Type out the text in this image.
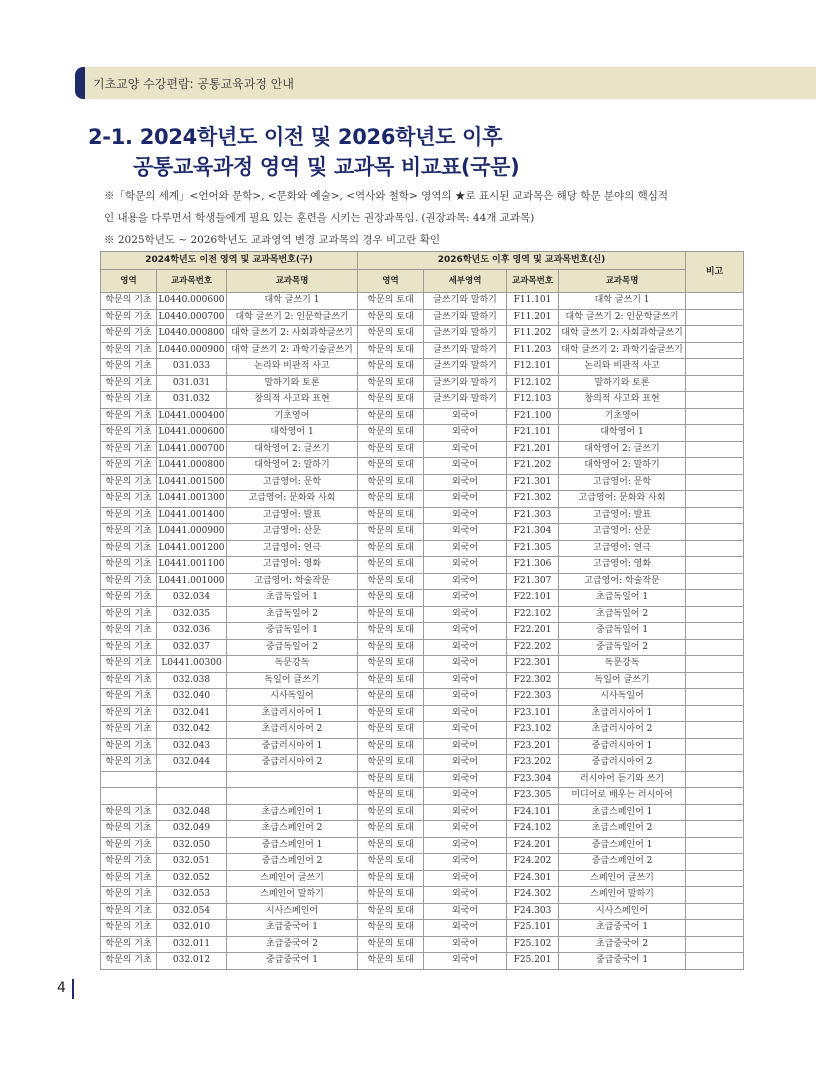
기초교양 수강편람: 공통교육과정 안내
2-1. 2024학년도 이전 및 2026학년도 이후
공통교육과정 영역 및 교과목 비교표(국문)

※「학문의 세계」<언어와 문학>, <문화와 예술>, <역사와 철학> 영역의 ★로 표시된 교과목은 해당 학문 분야의 핵심적

인 내용을 다루면서 학생들에게 필요 있는 훈련을 시키는 권장과목임. (권장과목: 44개 교과목)

※ 2025학년도 ~ 2026학년도 교과영역 변경 교과목의 경우 비고란 확인

2024학년도 이전 영역 및 교과목번호(구)			2026학년도 이후 영역 및 교과목번호(신)				비고
영역	교과목번호	교과목명	영역	세부영역	교과목번호	교과목명	
학문의 기초	L0440.000600	대학 글쓰기 1	학문의 토대	글쓰기와 말하기	F11.101	대학 글쓰기 1	
학문의 기초	L0440.000700	대학 글쓰기 2: 인문학글쓰기	학문의 토대	글쓰기와 말하기	F11.201	대학 글쓰기 2: 인문학글쓰기	
학문의 기초	L0440.000800	대학 글쓰기 2: 사회과학글쓰기	학문의 토대	글쓰기와 말하기	F11.202	대학 글쓰기 2: 사회과학글쓰기	
학문의 기초	L0440.000900	대학 글쓰기 2: 과학기술글쓰기	학문의 토대	글쓰기와 말하기	F11.203	대학 글쓰기 2: 과학기술글쓰기	
학문의 기초	031.033	논리와 비판적 사고	학문의 토대	글쓰기와 말하기	F12.101	논리와 비판적 사고	
학문의 기초	031.031	말하기와 토론	학문의 토대	글쓰기와 말하기	F12.102	말하기와 토론	
학문의 기초	031.032	창의적 사고와 표현	학문의 토대	글쓰기와 말하기	F12.103	창의적 사고와 표현	
학문의 기초	L0441.000400	기초영어	학문의 토대	외국어	F21.100	기초영어	
학문의 기초	L0441.000600	대학영어 1	학문의 토대	외국어	F21.101	대학영어 1	
학문의 기초	L0441.000700	대학영어 2: 글쓰기	학문의 토대	외국어	F21.201	대학영어 2: 글쓰기	
학문의 기초	L0441.000800	대학영어 2: 말하기	학문의 토대	외국어	F21.202	대학영어 2: 말하기	
학문의 기초	L0441.001500	고급영어: 문학	학문의 토대	외국어	F21.301	고급영어: 문학	
학문의 기초	L0441.001300	고급영어: 문화와 사회	학문의 토대	외국어	F21.302	고급영어: 문화와 사회	
학문의 기초	L0441.001400	고급영어: 발표	학문의 토대	외국어	F21.303	고급영어: 발표	
학문의 기초	L0441.000900	고급영어: 산문	학문의 토대	외국어	F21.304	고급영어: 산문	
학문의 기초	L0441.001200	고급영어: 연극	학문의 토대	외국어	F21.305	고급영어: 연극	
학문의 기초	L0441.001100	고급영어: 영화	학문의 토대	외국어	F21.306	고급영어: 영화	
학문의 기초	L0441.001000	고급영어: 학술작문	학문의 토대	외국어	F21.307	고급영어: 학술작문	
학문의 기초	032.034	초급독일어 1	학문의 토대	외국어	F22.101	초급독일어 1	
학문의 기초	032.035	초급독일어 2	학문의 토대	외국어	F22.102	초급독일어 2	
학문의 기초	032.036	중급독일어 1	학문의 토대	외국어	F22.201	중급독일어 1	
학문의 기초	032.037	중급독일어 2	학문의 토대	외국어	F22.202	중급독일어 2	
학문의 기초	L0441.00300	독문강독	학문의 토대	외국어	F22.301	독문강독	
학문의 기초	032.038	독일어 글쓰기	학문의 토대	외국어	F22.302	독일어 글쓰기	
학문의 기초	032.040	시사독일어	학문의 토대	외국어	F22.303	시사독일어	
학문의 기초	032.041	초급러시아어 1	학문의 토대	외국어	F23.101	초급러시아어 1	
학문의 기초	032.042	초급러시아어 2	학문의 토대	외국어	F23.102	초급러시아어 2	
학문의 기초	032.043	중급러시아어 1	학문의 토대	외국어	F23.201	중급러시아어 1	
학문의 기초	032.044	중급러시아어 2	학문의 토대	외국어	F23.202	중급러시아어 2	
			학문의 토대	외국어	F23.304	러시아어 듣기와 쓰기	
			학문의 토대	외국어	F23.305	미디어로 배우는 러시아어	
학문의 기초	032.048	초급스페인어 1	학문의 토대	외국어	F24.101	초급스페인어 1	
학문의 기초	032.049	초급스페인어 2	학문의 토대	외국어	F24.102	초급스페인어 2	
학문의 기초	032.050	중급스페인어 1	학문의 토대	외국어	F24.201	중급스페인어 1	
학문의 기초	032.051	중급스페인어 2	학문의 토대	외국어	F24.202	중급스페인어 2	
학문의 기초	032.052	스페인어 글쓰기	학문의 토대	외국어	F24.301	스페인어 글쓰기	
학문의 기초	032.053	스페인어 말하기	학문의 토대	외국어	F24.302	스페인어 말하기	
학문의 기초	032.054	시사스페인어	학문의 토대	외국어	F24.303	시사스페인어	
학문의 기초	032.010	초급중국어 1	학문의 토대	외국어	F25.101	초급중국어 1	
학문의 기초	032.011	초급중국어 2	학문의 토대	외국어	F25.102	초급중국어 2	
학문의 기초	032.012	중급중국어 1	학문의 토대	외국어	F25.201	중급중국어 1	
4
